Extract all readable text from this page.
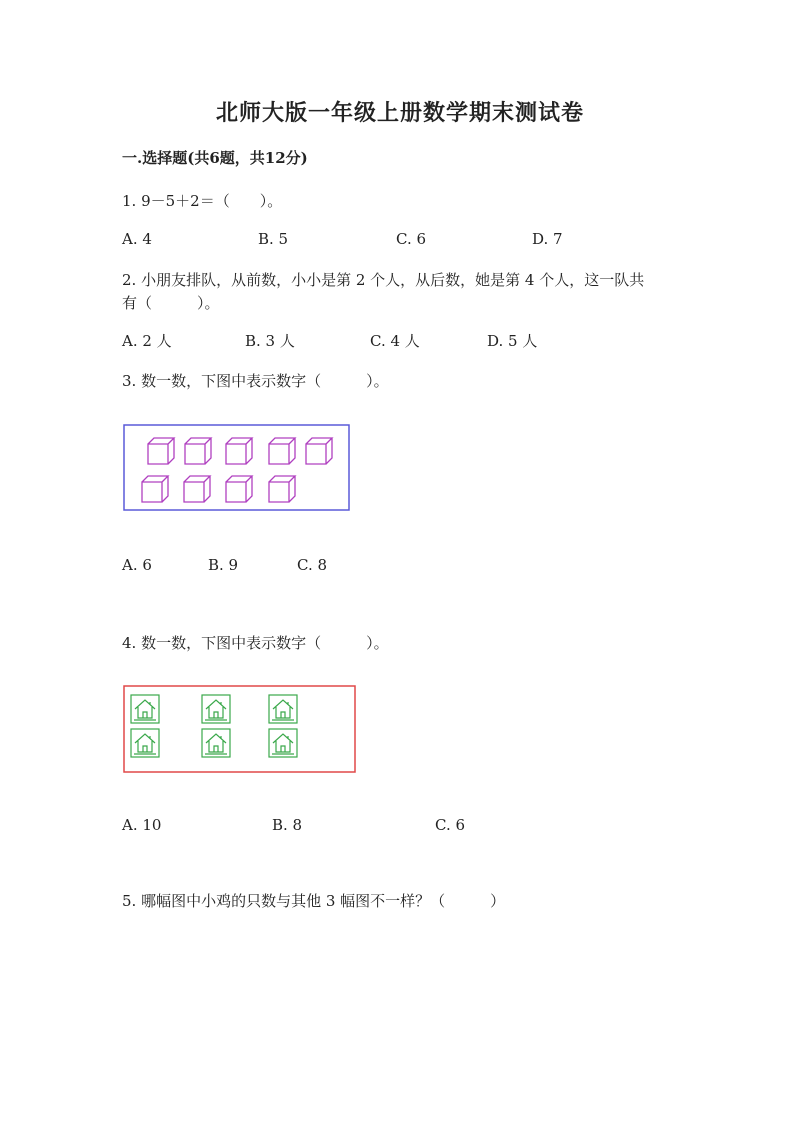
北师大版一年级上册数学期末测试卷
一.选择题(共6题，共12分)
1. 9－5＋2＝（　　）。
A. 4	B. 5	C. 6	D. 7
2. 小朋友排队，从前数，小小是第 2 个人，从后数，她是第 4 个人，这一队共
有（　　　）。
A. 2 人	B. 3 人	C. 4 人	D. 5 人
3. 数一数，下图中表示数字（　　　）。
A. 6	B. 9	C. 8
4. 数一数，下图中表示数字（　　　）。
A. 10	B. 8	C. 6
5. 哪幅图中小鸡的只数与其他 3 幅图不一样？（　　　）
